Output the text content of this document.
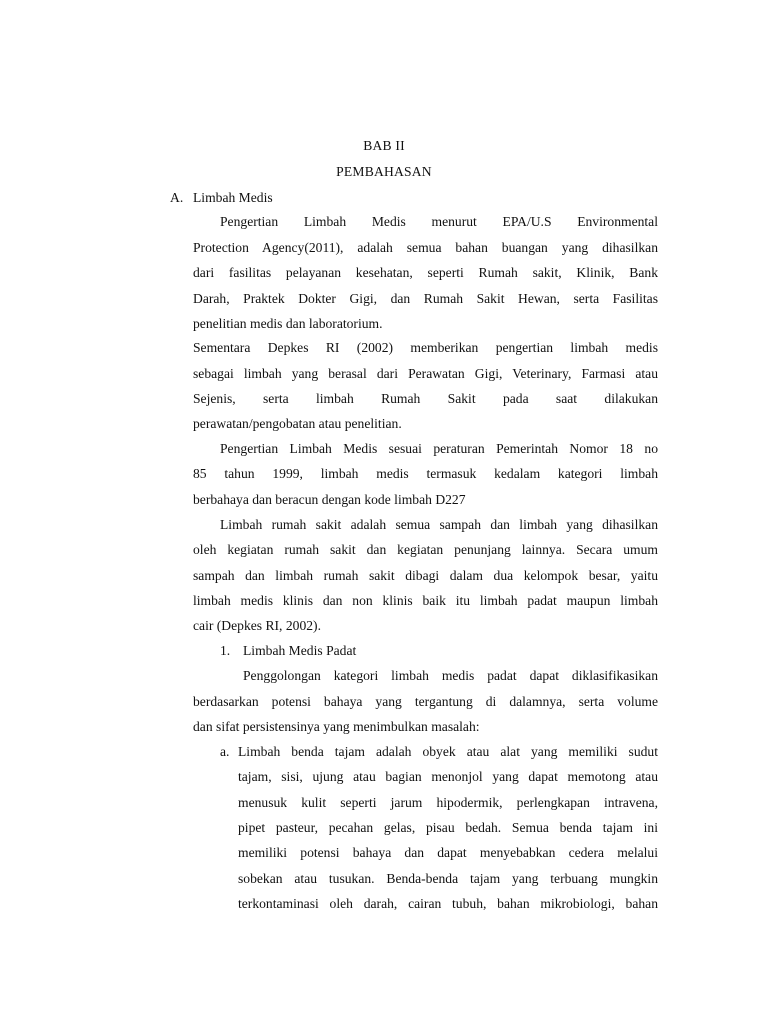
BAB II
PEMBAHASAN
A. Limbah Medis
Pengertian Limbah Medis menurut EPA/U.S Environmental
Protection Agency(2011), adalah semua bahan buangan yang dihasilkan
dari fasilitas pelayanan kesehatan, seperti Rumah sakit, Klinik, Bank
Darah, Praktek Dokter Gigi, dan Rumah Sakit Hewan, serta Fasilitas
penelitian medis dan laboratorium.
Sementara Depkes RI (2002) memberikan pengertian limbah medis
sebagai limbah yang berasal dari Perawatan Gigi, Veterinary, Farmasi atau
Sejenis, serta limbah Rumah Sakit pada saat dilakukan
perawatan/pengobatan atau penelitian.
Pengertian Limbah Medis sesuai peraturan Pemerintah Nomor 18 no
85 tahun 1999, limbah medis termasuk kedalam kategori limbah
berbahaya dan beracun dengan kode limbah D227
Limbah rumah sakit adalah semua sampah dan limbah yang dihasilkan
oleh kegiatan rumah sakit dan kegiatan penunjang lainnya. Secara umum
sampah dan limbah rumah sakit dibagi dalam dua kelompok besar, yaitu
limbah medis klinis dan non klinis baik itu limbah padat maupun limbah
cair (Depkes RI, 2002).
1. Limbah Medis Padat
Penggolongan kategori limbah medis padat dapat diklasifikasikan
berdasarkan potensi bahaya yang tergantung di dalamnya, serta volume
dan sifat persistensinya yang menimbulkan masalah:
a. Limbah benda tajam adalah obyek atau alat yang memiliki sudut
tajam, sisi, ujung atau bagian menonjol yang dapat memotong atau
menusuk kulit seperti jarum hipodermik, perlengkapan intravena,
pipet pasteur, pecahan gelas, pisau bedah. Semua benda tajam ini
memiliki potensi bahaya dan dapat menyebabkan cedera melalui
sobekan atau tusukan. Benda-benda tajam yang terbuang mungkin
terkontaminasi oleh darah, cairan tubuh, bahan mikrobiologi, bahan
